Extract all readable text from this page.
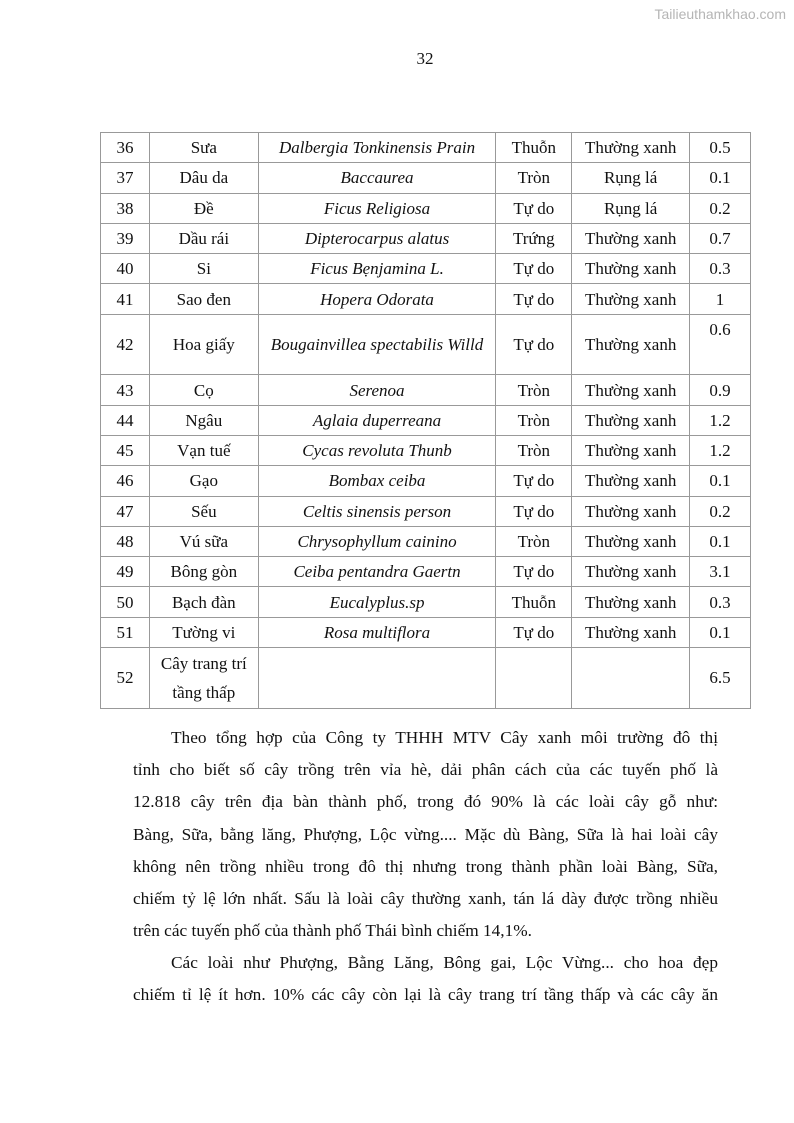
Tailieuthamkhao.com
32
36	Sưa	Dalbergia Tonkinensis Prain	Thuỗn	Thường xanh	0.5
37	Dâu da	Baccaurea	Tròn	Rụng lá	0.1
38	Đề	Ficus Religiosa	Tự do	Rụng lá	0.2
39	Dầu rái	Dipterocarpus alatus	Trứng	Thường xanh	0.7
40	Si	Ficus Bẹnjamina L.	Tự do	Thường xanh	0.3
41	Sao đen	Hopera Odorata	Tự do	Thường xanh	1
42	Hoa giấy	Bougainvillea spectabilis Willd	Tự do	Thường xanh	0.6
43	Cọ	Serenoa	Tròn	Thường xanh	0.9
44	Ngâu	Aglaia duperreana	Tròn	Thường xanh	1.2
45	Vạn tuế	Cycas revoluta Thunb	Tròn	Thường xanh	1.2
46	Gạo	Bombax ceiba	Tự do	Thường xanh	0.1
47	Sếu	Celtis sinensis person	Tự do	Thường xanh	0.2
48	Vú sữa	Chrysophyllum cainino	Tròn	Thường xanh	0.1
49	Bông gòn	Ceiba pentandra Gaertn	Tự do	Thường xanh	3.1
50	Bạch đàn	Eucalyplus.sp	Thuỗn	Thường xanh	0.3
51	Tường vi	Rosa multiflora	Tự do	Thường xanh	0.1
52	Cây trang trí tầng thấp				6.5
Theo tổng hợp của Công ty THHH MTV Cây xanh môi trường đô thị
tỉnh cho biết số cây trồng trên vỉa hè, dải phân cách của các tuyến phố là
12.818 cây trên địa bàn thành phố, trong đó 90% là các loài cây gỗ như:
Bàng, Sữa, bằng lăng, Phượng, Lộc vừng.... Mặc dù Bàng, Sữa là hai loài cây
không nên trồng nhiều trong đô thị nhưng trong thành phần loài Bàng, Sữa,
chiếm tỷ lệ lớn nhất. Sấu là loài cây thường xanh, tán lá dày được trồng nhiều
trên các tuyến phố của thành phố Thái bình chiếm 14,1%.
Các loài như Phượng, Bằng Lăng, Bông gai, Lộc Vừng... cho hoa đẹp
chiếm tỉ lệ ít hơn. 10% các cây còn lại là cây trang trí tầng thấp và các cây ăn
